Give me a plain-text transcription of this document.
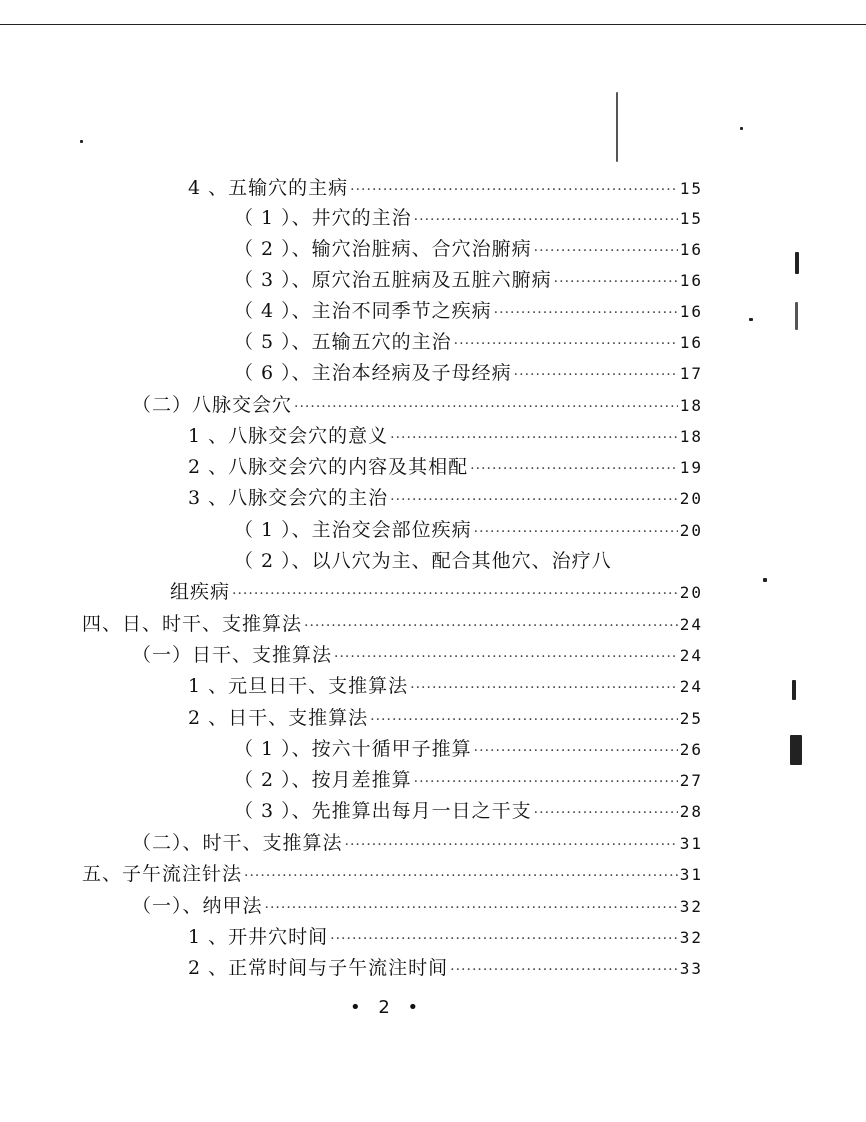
4 、五输穴的主病 ·····	15
（ 1 ）、井穴的主治 ·····	15
（ 2 ）、输穴治脏病、合穴治腑病 ·····	16
（ 3 ）、原穴治五脏病及五脏六腑病 ·····	16
（ 4 ）、主治不同季节之疾病 ·····	16
（ 5 ）、五输五穴的主治 ·····	16
（ 6 ）、主治本经病及子母经病 ·····	17
（二）八脉交会穴 ·····	18
1 、八脉交会穴的意义 ·····	18
2 、八脉交会穴的内容及其相配 ·····	19
3 、八脉交会穴的主治 ·····	20
（ 1 ）、主治交会部位疾病 ·····	20
（ 2 ）、以八穴为主、配合其他穴、治疗八
组疾病 ·····	20
四、日、时干、支推算法 ·····	24
（一）日干、支推算法 ·····	24
1 、元旦日干、支推算法 ·····	24
2 、日干、支推算法 ·····	25
（ 1 ）、按六十循甲子推算 ·····	26
（ 2 ）、按月差推算 ·····	27
（ 3 ）、先推算出每月一日之干支 ·····	28
（二）、时干、支推算法 ·····	31
五、子午流注针法 ·····	31
（一）、纳甲法 ·····	32
1 、开井穴时间 ·····	32
2 、正常时间与子午流注时间 ·····	33
• 2 •
